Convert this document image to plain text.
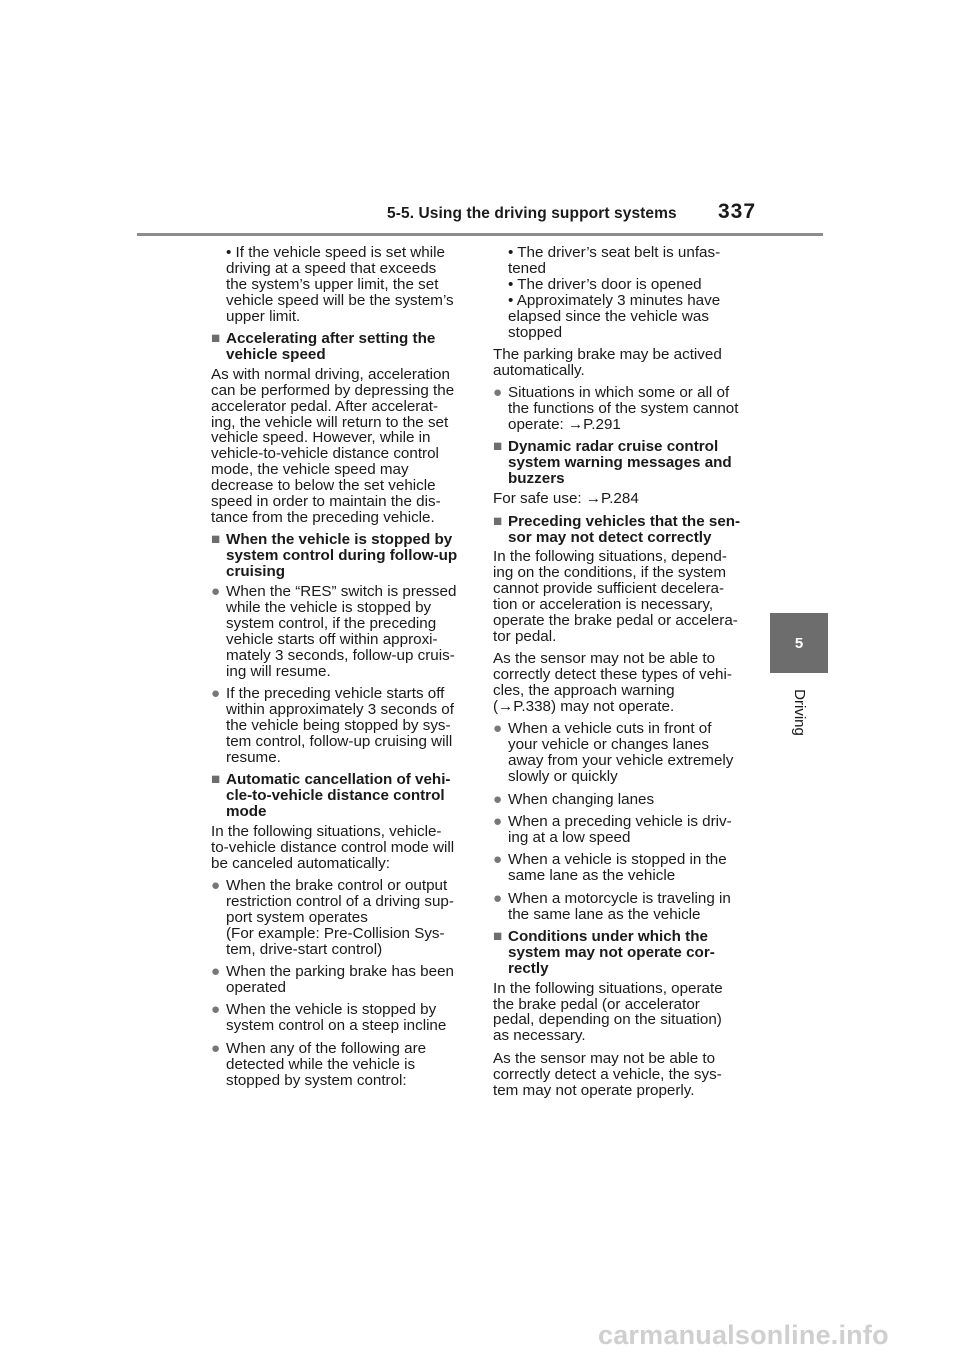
5-5. Using the driving support systems 337
5
Driving
• If the vehicle speed is set while
driving at a speed that exceeds
the system’s upper limit, the set
vehicle speed will be the system’s
upper limit.
■ Accelerating after setting the
vehicle speed
As with normal driving, acceleration
can be performed by depressing the
accelerator pedal. After accelerat-
ing, the vehicle will return to the set
vehicle speed. However, while in
vehicle-to-vehicle distance control
mode, the vehicle speed may
decrease to below the set vehicle
speed in order to maintain the dis-
tance from the preceding vehicle.
■ When the vehicle is stopped by
system control during follow-up
cruising
● When the “RES” switch is pressed
while the vehicle is stopped by
system control, if the preceding
vehicle starts off within approxi-
mately 3 seconds, follow-up cruis-
ing will resume.
● If the preceding vehicle starts off
within approximately 3 seconds of
the vehicle being stopped by sys-
tem control, follow-up cruising will
resume.
■ Automatic cancellation of vehi-
cle-to-vehicle distance control
mode
In the following situations, vehicle-
to-vehicle distance control mode will
be canceled automatically:
● When the brake control or output
restriction control of a driving sup-
port system operates
(For example: Pre-Collision Sys-
tem, drive-start control)
● When the parking brake has been
operated
● When the vehicle is stopped by
system control on a steep incline
● When any of the following are
detected while the vehicle is
stopped by system control:
• The driver’s seat belt is unfas-
tened
• The driver’s door is opened
• Approximately 3 minutes have
elapsed since the vehicle was
stopped
The parking brake may be actived
automatically.
● Situations in which some or all of
the functions of the system cannot
operate: →P.291
■ Dynamic radar cruise control
system warning messages and
buzzers
For safe use: →P.284
■ Preceding vehicles that the sen-
sor may not detect correctly
In the following situations, depend-
ing on the conditions, if the system
cannot provide sufficient decelera-
tion or acceleration is necessary,
operate the brake pedal or accelera-
tor pedal.
As the sensor may not be able to
correctly detect these types of vehi-
cles, the approach warning
(→P.338) may not operate.
● When a vehicle cuts in front of
your vehicle or changes lanes
away from your vehicle extremely
slowly or quickly
● When changing lanes
● When a preceding vehicle is driv-
ing at a low speed
● When a vehicle is stopped in the
same lane as the vehicle
● When a motorcycle is traveling in
the same lane as the vehicle
■ Conditions under which the
system may not operate cor-
rectly
In the following situations, operate
the brake pedal (or accelerator
pedal, depending on the situation)
as necessary.
As the sensor may not be able to
correctly detect a vehicle, the sys-
tem may not operate properly.
carmanualsonline.info
